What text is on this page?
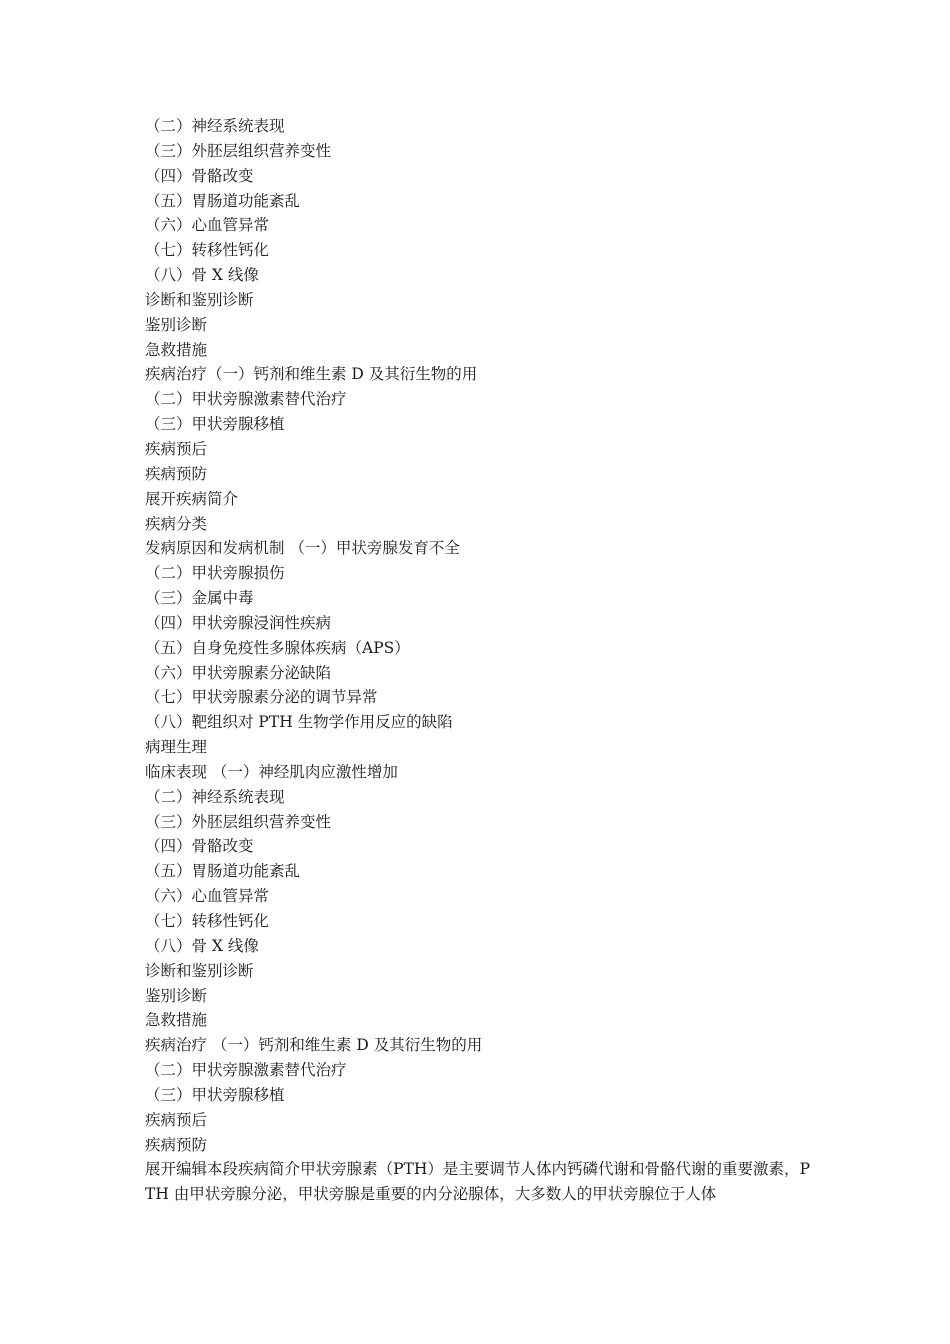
（二）神经系统表现
（三）外胚层组织营养变性
（四）骨骼改变
（五）胃肠道功能紊乱
（六）心血管异常
（七）转移性钙化
（八）骨 X 线像
诊断和鉴别诊断
鉴别诊断
急救措施
疾病治疗（一）钙剂和维生素 D 及其衍生物的用
（二）甲状旁腺激素替代治疗
（三）甲状旁腺移植
疾病预后
疾病预防
展开疾病简介
疾病分类
发病原因和发病机制 （一）甲状旁腺发育不全
（二）甲状旁腺损伤
（三）金属中毒
（四）甲状旁腺浸润性疾病
（五）自身免疫性多腺体疾病（APS）
（六）甲状旁腺素分泌缺陷
（七）甲状旁腺素分泌的调节异常
（八）靶组织对 PTH 生物学作用反应的缺陷
病理生理
临床表现 （一）神经肌肉应激性增加
（二）神经系统表现
（三）外胚层组织营养变性
（四）骨骼改变
（五）胃肠道功能紊乱
（六）心血管异常
（七）转移性钙化
（八）骨 X 线像
诊断和鉴别诊断
鉴别诊断
急救措施
疾病治疗 （一）钙剂和维生素 D 及其衍生物的用
（二）甲状旁腺激素替代治疗
（三）甲状旁腺移植
疾病预后
疾病预防
展开编辑本段疾病简介甲状旁腺素（PTH）是主要调节人体内钙磷代谢和骨骼代谢的重要激素，PTH 由甲状旁腺分泌，甲状旁腺是重要的内分泌腺体，大多数人的甲状旁腺位于人体
